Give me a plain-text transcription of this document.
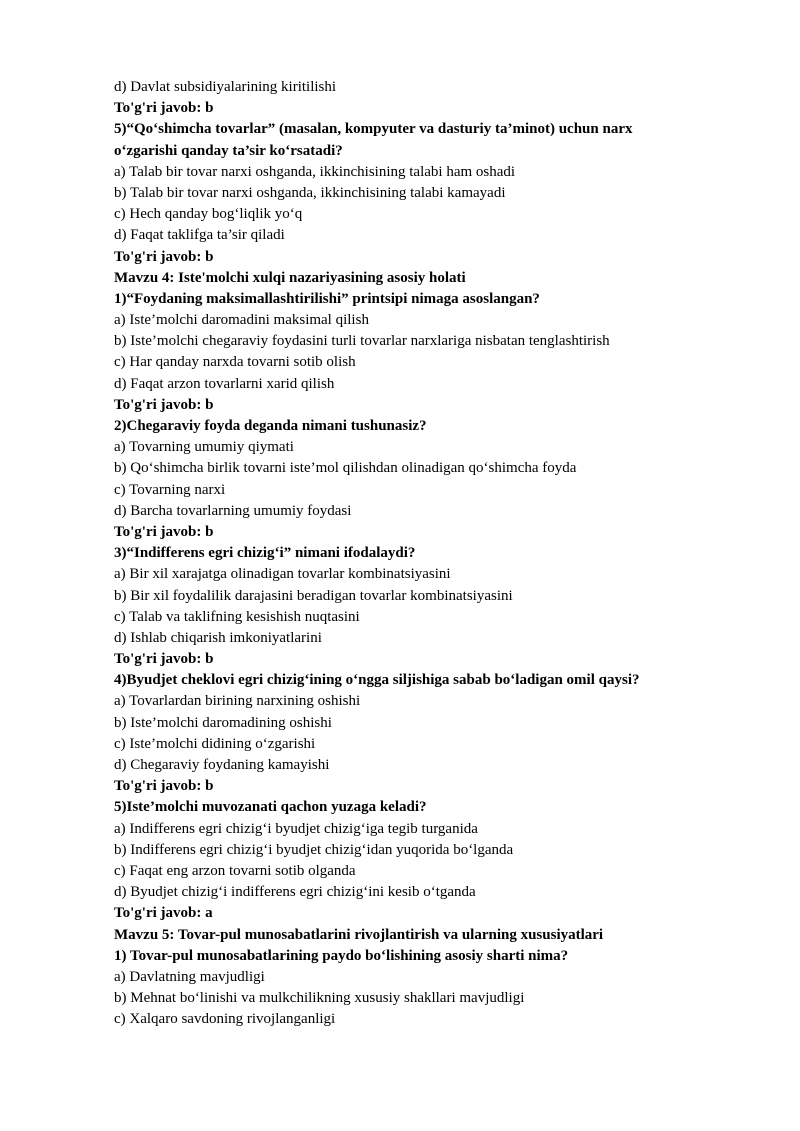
d) Davlat subsidiyalarining kiritilishi
To'g'ri javob: b
5)“Qo‘shimcha tovarlar” (masalan, kompyuter va dasturiy ta’minot) uchun narx
o‘zgarishi qanday ta’sir ko‘rsatadi?
a) Talab bir tovar narxi oshganda, ikkinchisining talabi ham oshadi
b) Talab bir tovar narxi oshganda, ikkinchisining talabi kamayadi
c) Hech qanday bog‘liqlik yo‘q
d) Faqat taklifga ta’sir qiladi
To'g'ri javob: b
Mavzu 4: Iste'molchi xulqi nazariyasining asosiy holati
1)“Foydaning maksimallashtirilishi” printsipi nimaga asoslangan?
a) Iste’molchi daromadini maksimal qilish
b) Iste’molchi chegaraviy foydasini turli tovarlar narxlariga nisbatan tenglashtirish
c) Har qanday narxda tovarni sotib olish
d) Faqat arzon tovarlarni xarid qilish
To'g'ri javob: b
2)Chegaraviy foyda deganda nimani tushunasiz?
a) Tovarning umumiy qiymati
b) Qo‘shimcha birlik tovarni iste’mol qilishdan olinadigan qo‘shimcha foyda
c) Tovarning narxi
d) Barcha tovarlarning umumiy foydasi
To'g'ri javob: b
3)“Indifferens egri chizig‘i” nimani ifodalaydi?
a) Bir xil xarajatga olinadigan tovarlar kombinatsiyasini
b) Bir xil foydalilik darajasini beradigan tovarlar kombinatsiyasini
c) Talab va taklifning kesishish nuqtasini
d) Ishlab chiqarish imkoniyatlarini
To'g'ri javob: b
4)Byudjet cheklovi egri chizig‘ining o‘ngga siljishiga sabab bo‘ladigan omil qaysi?
a) Tovarlardan birining narxining oshishi
b) Iste’molchi daromadining oshishi
c) Iste’molchi didining o‘zgarishi
d) Chegaraviy foydaning kamayishi
To'g'ri javob: b
5)Iste’molchi muvozanati qachon yuzaga keladi?
a) Indifferens egri chizig‘i byudjet chizig‘iga tegib turganida
b) Indifferens egri chizig‘i byudjet chizig‘idan yuqorida bo‘lganda
c) Faqat eng arzon tovarni sotib olganda
d) Byudjet chizig‘i indifferens egri chizig‘ini kesib o‘tganda
To'g'ri javob: a
Mavzu 5: Tovar-pul munosabatlarini rivojlantirish va ularning xususiyatlari
1) Tovar-pul munosabatlarining paydo bo‘lishining asosiy sharti nima?
a) Davlatning mavjudligi
b) Mehnat bo‘linishi va mulkchilikning xususiy shakllari mavjudligi
c) Xalqaro savdoning rivojlanganligi
